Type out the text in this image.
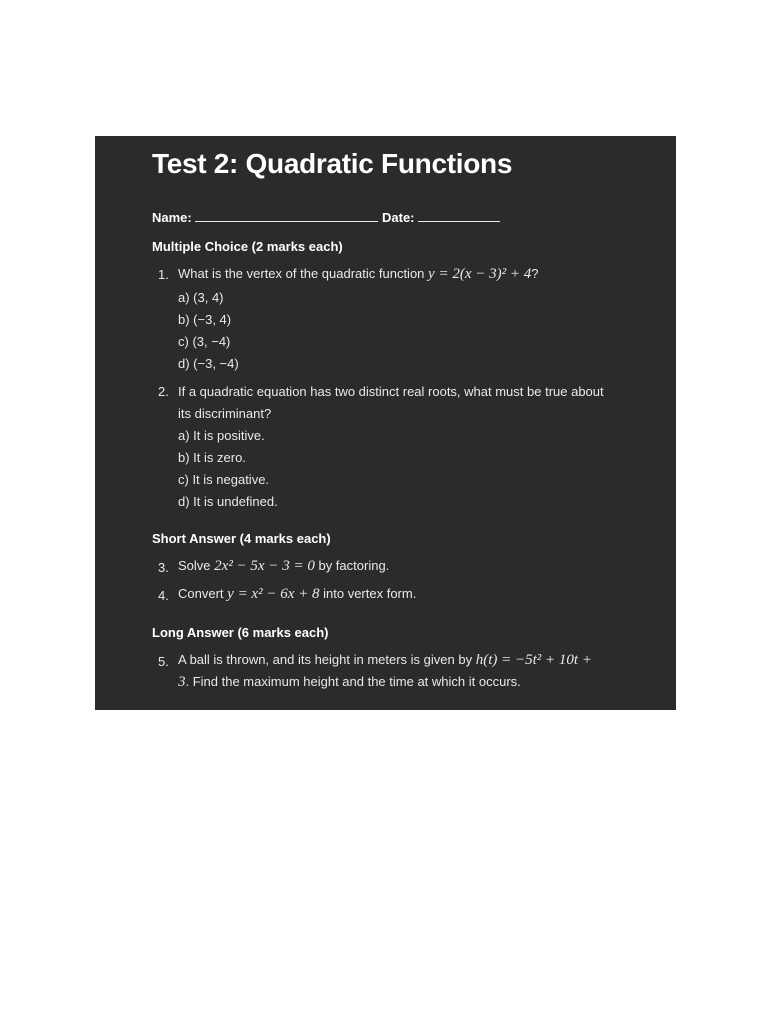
Test 2: Quadratic Functions
Name:	Date:
Multiple Choice (2 marks each)
1. What is the vertex of the quadratic function y = 2(x − 3)² + 4?
a) (3, 4)
b) (−3, 4)
c) (3, −4)
d) (−3, −4)
2. If a quadratic equation has two distinct real roots, what must be true about
its discriminant?
a) It is positive.
b) It is zero.
c) It is negative.
d) It is undefined.
Short Answer (4 marks each)
3. Solve 2x² − 5x − 3 = 0 by factoring.
4. Convert y = x² − 6x + 8 into vertex form.
Long Answer (6 marks each)
5. A ball is thrown, and its height in meters is given by h(t) = −5t² + 10t +
3. Find the maximum height and the time at which it occurs.
